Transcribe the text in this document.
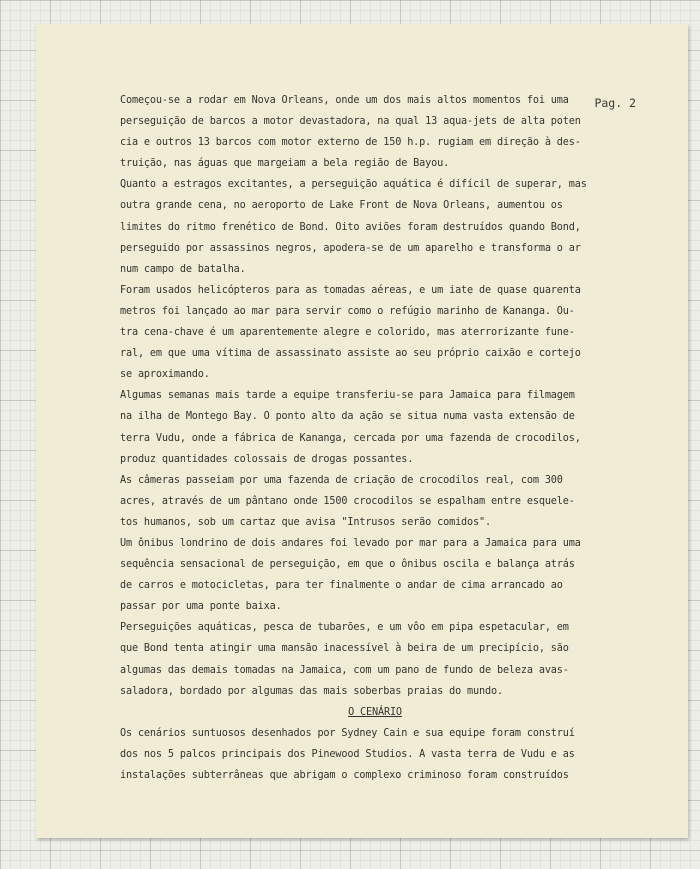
Pag. 2

Começou-se a rodar em Nova Orleans, onde um dos mais altos momentos foi uma

perseguição de barcos a motor devastadora, na qual 13 aqua-jets de alta poten

cia e outros 13 barcos com motor externo de 150 h.p. rugiam em direção à des-

truição, nas águas que margeiam a bela região de Bayou.

Quanto a estragos excitantes, a perseguição aquática é difícil de superar, mas

outra grande cena, no aeroporto de Lake Front de Nova Orleans, aumentou os

limites do ritmo frenético de Bond. Oito aviões foram destruídos quando Bond,

perseguido por assassinos negros, apodera-se de um aparelho e transforma o ar

num campo de batalha.

Foram usados helicópteros para as tomadas aéreas, e um iate de quase quarenta

metros foi lançado ao mar para servir como o refúgio marinho de Kananga. Ou-

tra cena-chave é um aparentemente alegre e colorido, mas aterrorizante fune-

ral, em que uma vítima de assassinato assiste ao seu próprio caixão e cortejo

se aproximando.

Algumas semanas mais tarde a equipe transferiu-se para Jamaica para filmagem

na ilha de Montego Bay. O ponto alto da ação se situa numa vasta extensão de

terra Vudu, onde a fábrica de Kananga, cercada por uma fazenda de crocodilos,

produz quantidades colossais de drogas possantes.

As câmeras passeiam por uma fazenda de criação de crocodilos real, com 300

acres, através de um pântano onde 1500 crocodilos se espalham entre esquele-

tos humanos, sob um cartaz que avisa "Intrusos serão comidos".

Um ônibus londrino de dois andares foi levado por mar para a Jamaica para uma

sequência sensacional de perseguição, em que o ônibus oscila e balança atrás

de carros e motocicletas, para ter finalmente o andar de cima arrancado ao

passar por uma ponte baixa.

Perseguições aquáticas, pesca de tubarões, e um vôo em pipa espetacular, em

que Bond tenta atingir uma mansão inacessível à beira de um precipício, são

algumas das demais tomadas na Jamaica, com um pano de fundo de beleza avas-

saladora, bordado por algumas das mais soberbas praias do mundo.

O CENÁRIO

Os cenários suntuosos desenhados por Sydney Cain e sua equipe foram construí

dos nos 5 palcos principais dos Pinewood Studios. A vasta terra de Vudu e as

instalações subterrâneas que abrigam o complexo criminoso foram construídos
